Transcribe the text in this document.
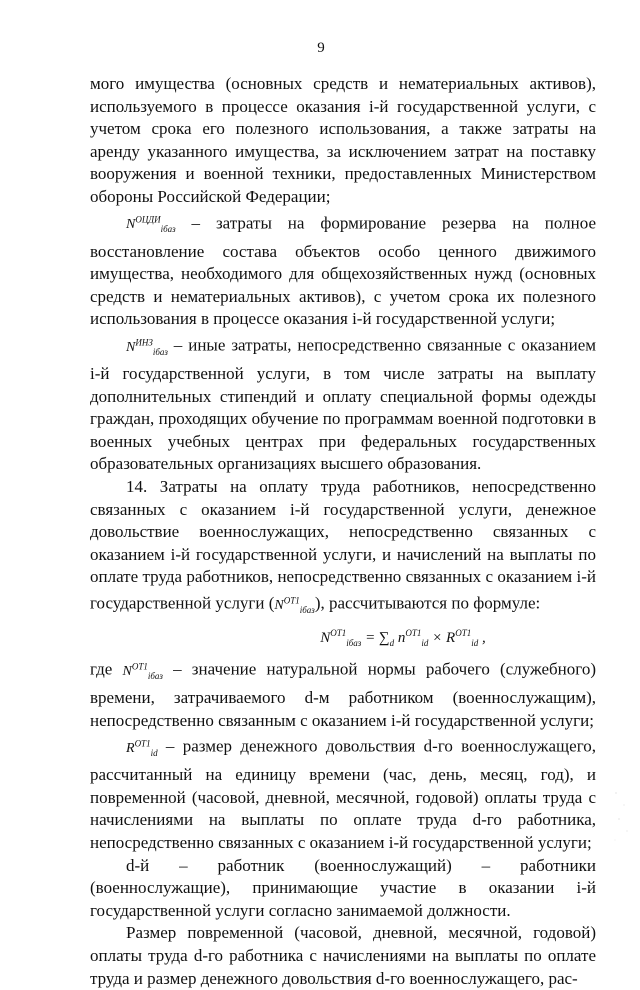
9

мого имущества (основных средств и нематериальных активов), используемого в процессе оказания i-й государственной услуги, с учетом срока его полезного использования, а также затраты на аренду указанного имущества, за исключением затрат на поставку вооружения и военной техники, предоставленных Министерством обороны Российской Федерации;

$N^{ОЦДИ}_{iбаз}$ – затраты на формирование резерва на полное восстановление состава объектов особо ценного движимого имущества, необходимого для общехозяйственных нужд (основных средств и нематериальных активов), с учетом срока их полезного использования в процессе оказания i-й государственной услуги;

$N^{ИНЗ}_{iбаз}$ – иные затраты, непосредственно связанные с оказанием i-й государственной услуги, в том числе затраты на выплату дополнительных стипендий и оплату специальной формы одежды граждан, проходящих обучение по программам военной подготовки в военных учебных центрах при федеральных государственных образовательных организациях высшего образования.

14. Затраты на оплату труда работников, непосредственно связанных с оказанием i-й государственной услуги, денежное довольствие военнослужащих, непосредственно связанных с оказанием i-й государственной услуги, и начислений на выплаты по оплате труда работников, непосредственно связанных с оказанием i-й государственной услуги $(N^{ОТ1}_{iбаз})$, рассчитываются по формуле:

$N^{ОТ1}_{iбаз} = \sum_d$ $n^{ОТ1}_{id} \times R^{ОТ1}_{id}$ ,

где $N^{ОТ1}_{iбаз}$ – значение натуральной нормы рабочего (служебного) времени, затрачиваемого d-м работником (военнослужащим), непосредственно связанным с оказанием i-й государственной услуги;

$R^{ОТ1}_{id}$ – размер денежного довольствия d-го военнослужащего, рассчитанный на единицу времени (час, день, месяц, год), и повременной (часовой, дневной, месячной, годовой) оплаты труда с начислениями на выплаты по оплате труда d-го работника, непосредственно связанных с оказанием i-й государственной услуги;

d-й – работник (военнослужащий) – работники (военнослужащие), принимающие участие в оказании i-й государственной услуги согласно занимаемой должности.

Размер повременной (часовой, дневной, месячной, годовой) оплаты труда d-го работника с начислениями на выплаты по оплате труда и размер денежного довольствия d-го военнослужащего, рас-
